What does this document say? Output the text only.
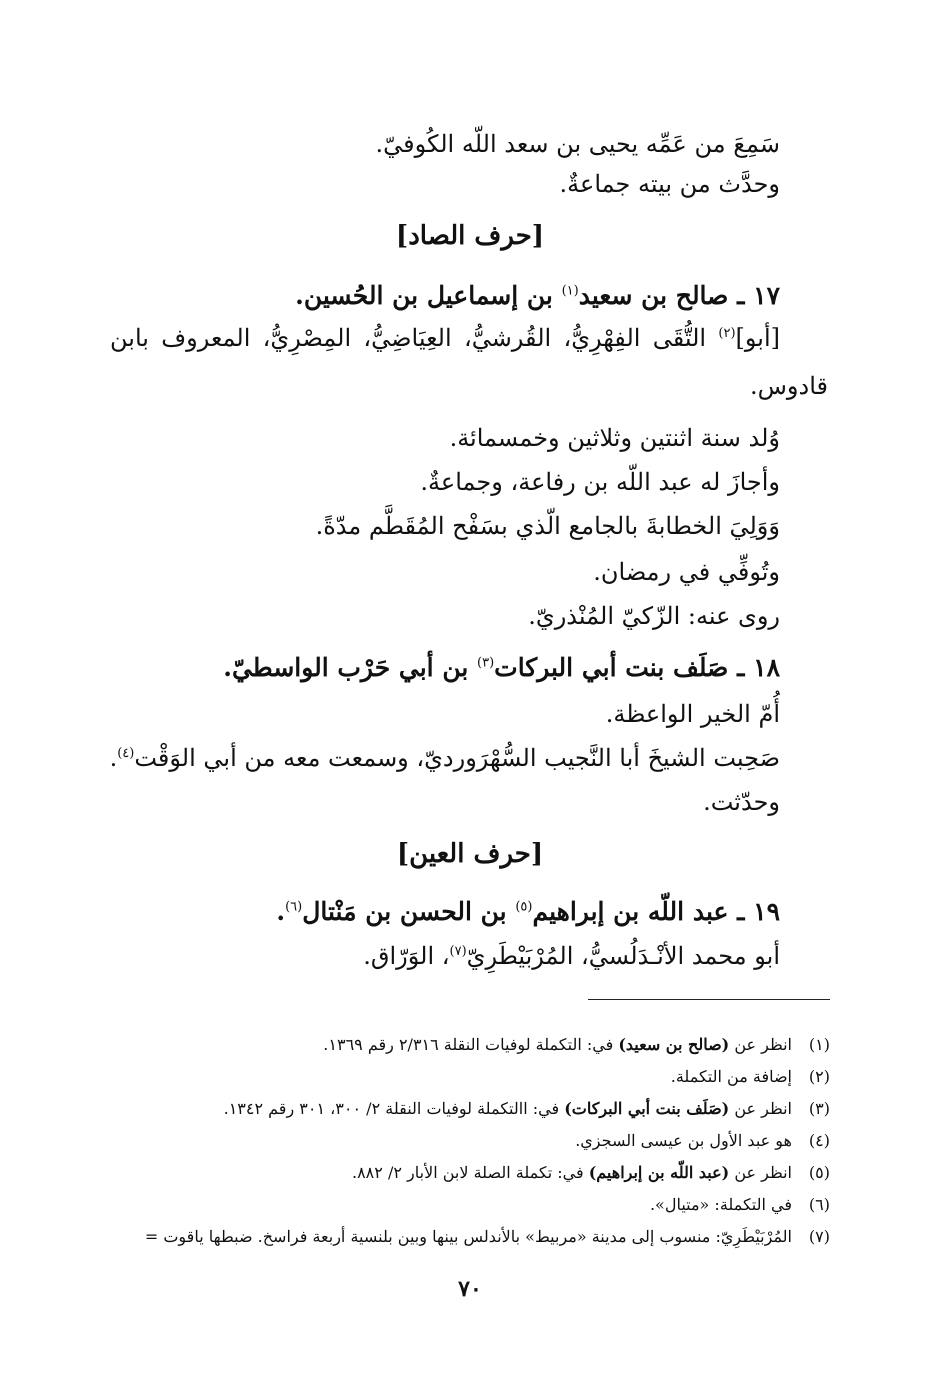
سَمِعَ من عَمِّه يحيى بن سعد اللّه الكُوفيّ.

وحدَّث من بيته جماعةٌ.

[حرف الصاد]

١٧ ـ صالح بن سعيد$^{(١)}$ بن إسماعيل بن الحُسين.

[أبو]$^{(٢)}$ التُّقَى الفِهْرِيُّ، القُرشيُّ، العِيَاضِيُّ، المِصْرِيُّ، المعروف بابن

قادوس.

وُلد سنة اثنتين وثلاثين وخمسمائة.

وأجازَ له عبد اللّه بن رفاعة، وجماعةٌ.

وَوَلِيَ الخطابةَ بالجامع الّذي بسَفْح المُقَطَّم مدّةً.

وتُوفِّي في رمضان.

روى عنه: الزّكيّ المُنْذريّ.

١٨ ـ صَلَف بنت أبي البركات$^{(٣)}$ بن أبي حَرْب الواسطيّ.

أُمّ الخير الواعظة.

صَحِبت الشيخَ أبا النَّجيب السُّهْرَورديّ، وسمعت معه من أبي الوَقْت$^{(٤)}$.

وحدّثت.

[حرف العين]

١٩ ـ عبد اللّه بن إبراهيم$^{(٥)}$ بن الحسن بن مَنْتال$^{(٦)}$.

أبو محمد الأنْـدَلُسيُّ، المُرْبَيْطَرِيّ$^{(٧)}$، الوَرّاق.

(١)انظر عن (صالح بن سعيد) في: التكملة لوفيات النقلة ٢/٣١٦ رقم ١٣٦٩.

(٢)إضافة من التكملة.

(٣)انظر عن (صَلَف بنت أبي البركات) في: االتكملة لوفيات النقلة ٢/ ٣٠٠، ٣٠١ رقم ١٣٤٢.

(٤)هو عبد الأول بن عيسى السجزي.

(٥)انظر عن (عبد اللّه بن إبراهيم) في: تكملة الصلة لابن الأبار ٢/ ٨٨٢.

(٦)في التكملة: «متيال».

(٧)المُرْبَيْطَرِيّ: منسوب إلى مدينة «مربيط» بالأندلس بينها وبين بلنسية أربعة فراسخ. ضبطها ياقوت =

٧٠
